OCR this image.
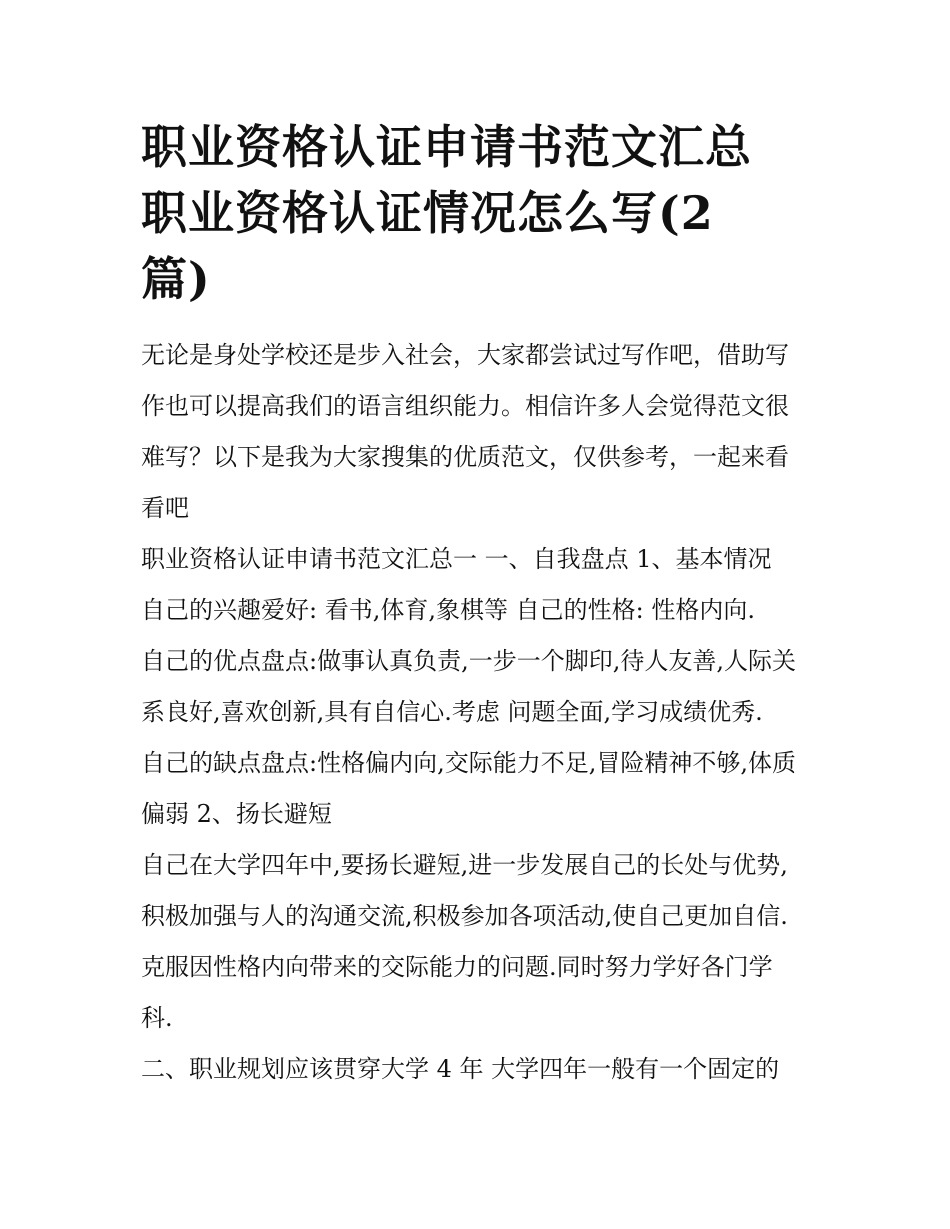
职业资格认证申请书范文汇总
职业资格认证情况怎么写(2
篇)

无论是身处学校还是步入社会，大家都尝试过写作吧，借助写
作也可以提高我们的语言组织能力。相信许多人会觉得范文很
难写？以下是我为大家搜集的优质范文，仅供参考，一起来看
看吧

职业资格认证申请书范文汇总一 一、自我盘点 1、基本情况

自己的兴趣爱好: 看书,体育,象棋等 自己的性格: 性格内向.

自己的优点盘点:做事认真负责,一步一个脚印,待人友善,人际关
系良好,喜欢创新,具有自信心.考虑 问题全面,学习成绩优秀.

自己的缺点盘点:性格偏内向,交际能力不足,冒险精神不够,体质
偏弱 2、扬长避短

自己在大学四年中,要扬长避短,进一步发展自己的长处与优势,
积极加强与人的沟通交流,积极参加各项活动,使自己更加自信.
克服因性格内向带来的交际能力的问题.同时努力学好各门学
科.

二、职业规划应该贯穿大学 4 年 大学四年一般有一个固定的
